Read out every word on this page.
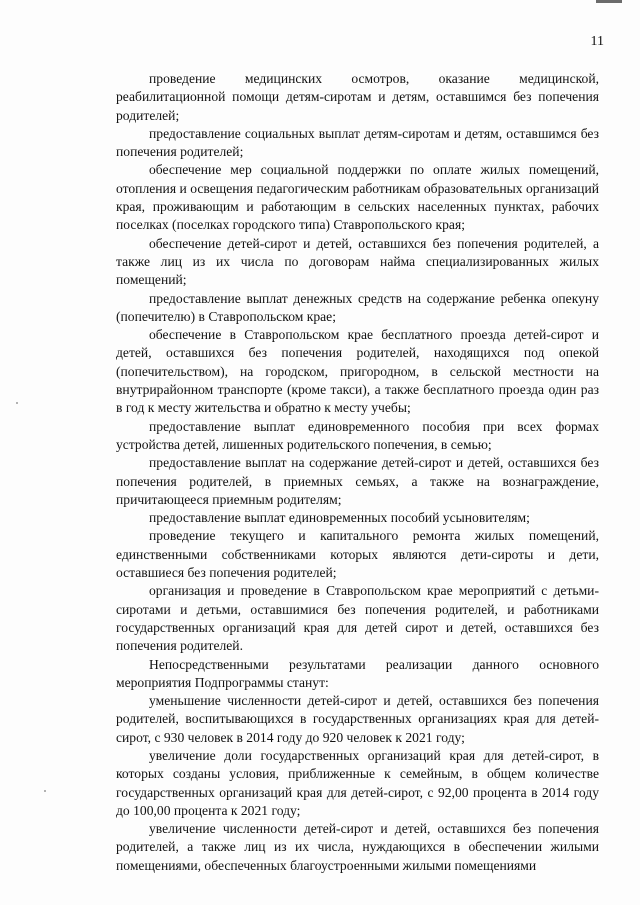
11

проведение медицинских осмотров, оказание медицинской, реабилитационной помощи детям-сиротам и детям, оставшимся без попечения родителей;

предоставление социальных выплат детям-сиротам и детям, оставшимся без попечения родителей;

обеспечение мер социальной поддержки по оплате жилых помещений, отопления и освещения педагогическим работникам образовательных организаций края, проживающим и работающим в сельских населенных пунктах, рабочих поселках (поселках городского типа) Ставропольского края;

обеспечение детей-сирот и детей, оставшихся без попечения родителей, а также лиц из их числа по договорам найма специализированных жилых помещений;

предоставление выплат денежных средств на содержание ребенка опекуну (попечителю) в Ставропольском крае;

обеспечение в Ставропольском крае бесплатного проезда детей-сирот и детей, оставшихся без попечения родителей, находящихся под опекой (попечительством), на городском, пригородном, в сельской местности на внутрирайонном транспорте (кроме такси), а также бесплатного проезда один раз в год к месту жительства и обратно к месту учебы;

предоставление выплат единовременного пособия при всех формах устройства детей, лишенных родительского попечения, в семью;

предоставление выплат на содержание детей-сирот и детей, оставшихся без попечения родителей, в приемных семьях, а также на вознаграждение, причитающееся приемным родителям;

предоставление выплат единовременных пособий усыновителям;

проведение текущего и капитального ремонта жилых помещений, единственными собственниками которых являются дети-сироты и дети, оставшиеся без попечения родителей;

организация и проведение в Ставропольском крае мероприятий с детьми-сиротами и детьми, оставшимися без попечения родителей, и работниками государственных организаций края для детей сирот и детей, оставшихся без попечения родителей.

Непосредственными результатами реализации данного основного мероприятия Подпрограммы станут:

уменьшение численности детей-сирот и детей, оставшихся без попечения родителей, воспитывающихся в государственных организациях края для детей-сирот, с 930 человек в 2014 году до 920 человек к 2021 году;

увеличение доли государственных организаций края для детей-сирот, в которых созданы условия, приближенные к семейным, в общем количестве государственных организаций края для детей-сирот, с 92,00 процента в 2014 году до 100,00 процента к 2021 году;

увеличение численности детей-сирот и детей, оставшихся без попечения родителей, а также лиц из их числа, нуждающихся в обеспечении жилыми помещениями, обеспеченных благоустроенными жилыми помещениями
